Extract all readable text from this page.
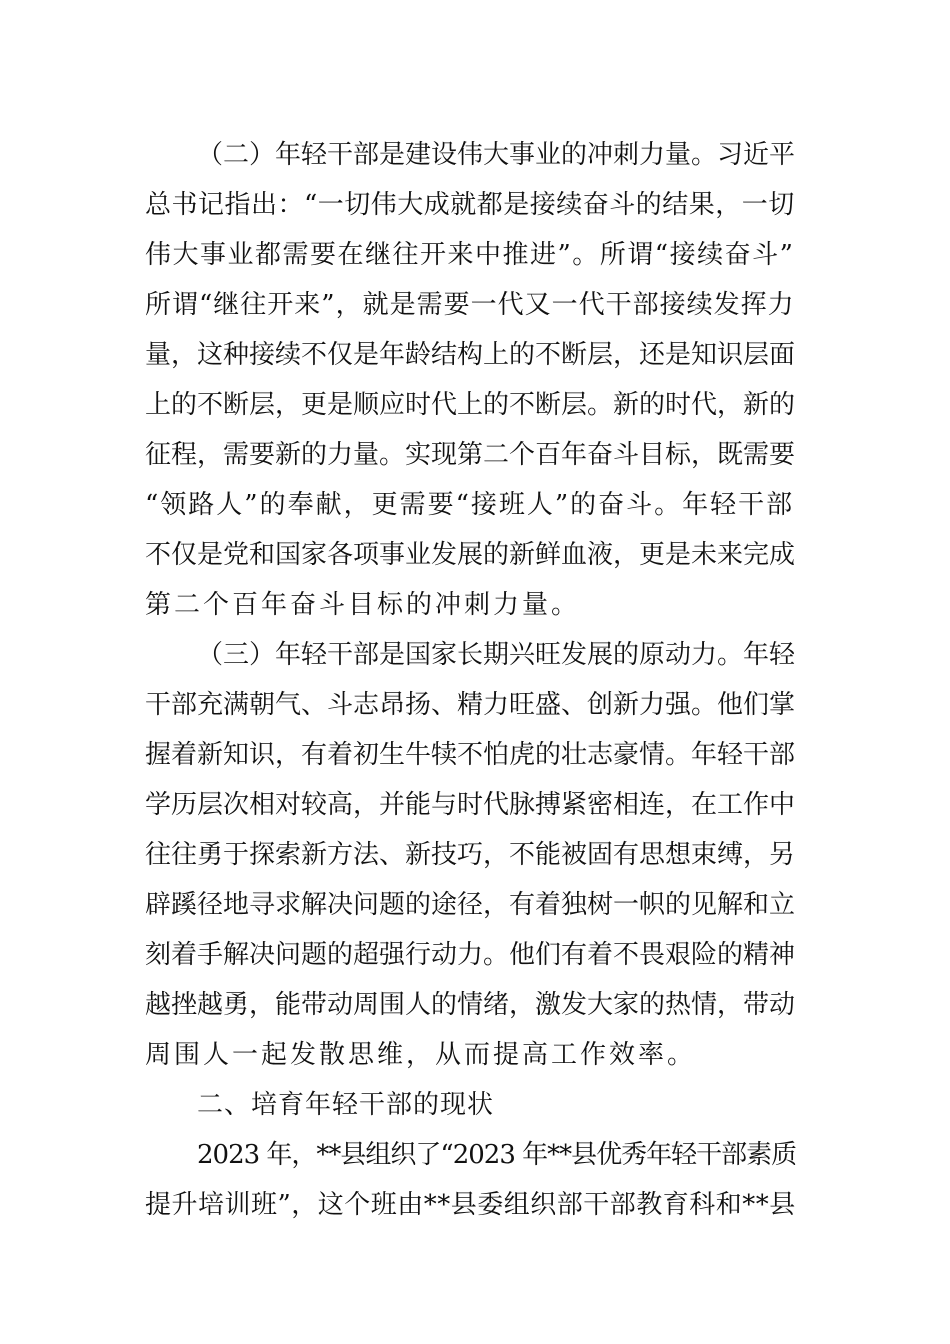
（二）年轻干部是建设伟大事业的冲刺力量。习近平
总书记指出：“一切伟大成就都是接续奋斗的结果，一切
伟大事业都需要在继往开来中推进”。所谓“接续奋斗”
所谓“继往开来”，就是需要一代又一代干部接续发挥力
量，这种接续不仅是年龄结构上的不断层，还是知识层面
上的不断层，更是顺应时代上的不断层。新的时代，新的
征程，需要新的力量。实现第二个百年奋斗目标，既需要
“领路人”的奉献，更需要“接班人”的奋斗。年轻干部
不仅是党和国家各项事业发展的新鲜血液，更是未来完成
第二个百年奋斗目标的冲刺力量。
（三）年轻干部是国家长期兴旺发展的原动力。年轻
干部充满朝气、斗志昂扬、精力旺盛、创新力强。他们掌
握着新知识，有着初生牛犊不怕虎的壮志豪情。年轻干部
学历层次相对较高，并能与时代脉搏紧密相连，在工作中
往往勇于探索新方法、新技巧，不能被固有思想束缚，另
辟蹊径地寻求解决问题的途径，有着独树一帜的见解和立
刻着手解决问题的超强行动力。他们有着不畏艰险的精神
越挫越勇，能带动周围人的情绪，激发大家的热情，带动
周围人一起发散思维，从而提高工作效率。
二、培育年轻干部的现状
2023 年，**县组织了“2023 年**县优秀年轻干部素质
提升培训班”，这个班由**县委组织部干部教育科和**县
